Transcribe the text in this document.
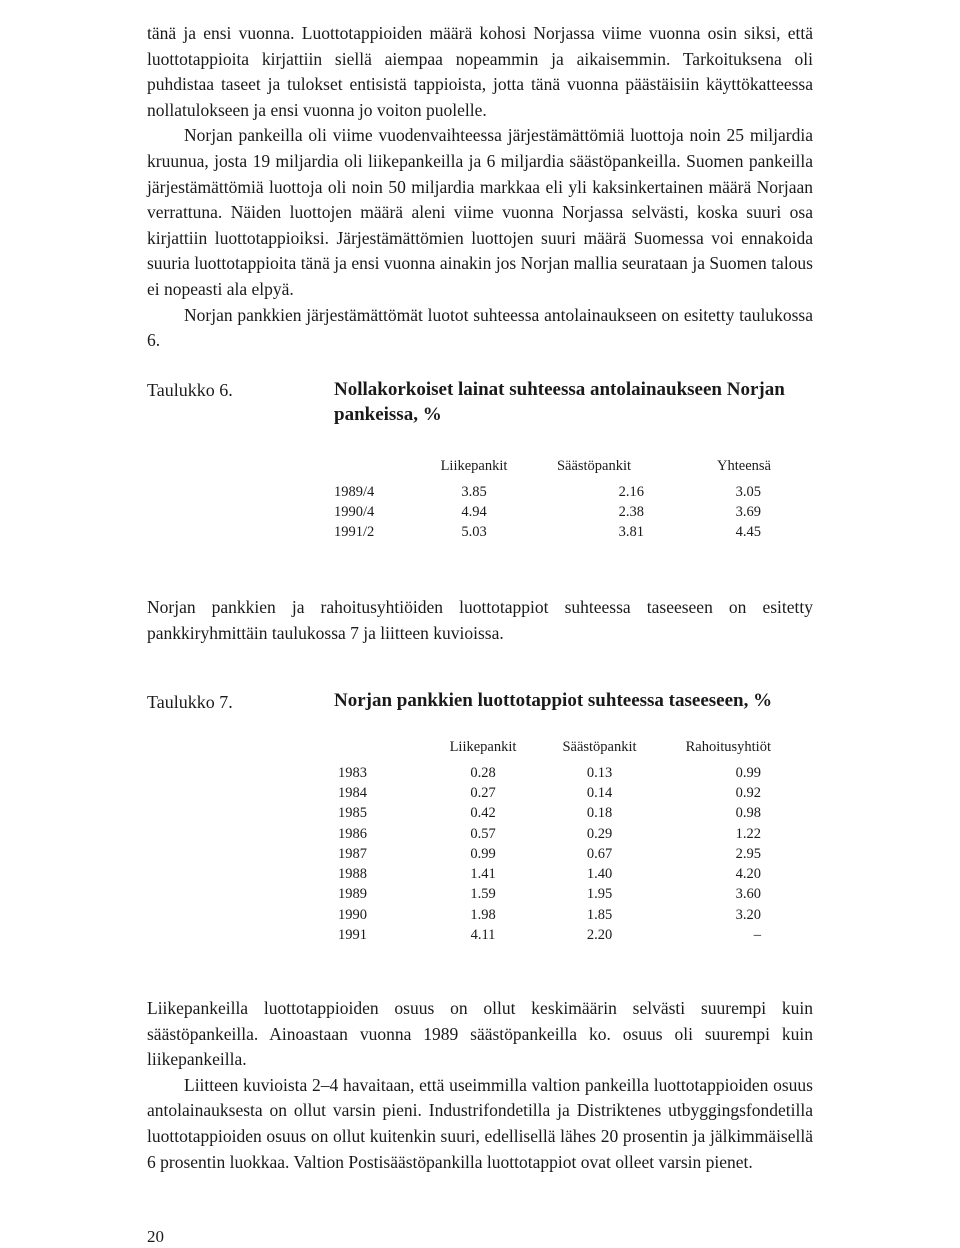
tänä ja ensi vuonna. Luottotappioiden määrä kohosi Norjassa viime vuonna osin siksi, että luottotappioita kirjattiin siellä aiempaa nopeammin ja aikaisemmin. Tarkoituksena oli puhdistaa taseet ja tulokset entisistä tappioista, jotta tänä vuonna päästäisiin käyttökatteessa nollatulokseen ja ensi vuonna jo voiton puolelle.

Norjan pankeilla oli viime vuodenvaihteessa järjestämättömiä luottoja noin 25 miljardia kruunua, josta 19 miljardia oli liikepankeilla ja 6 miljardia säästöpankeilla. Suomen pankeilla järjestämättömiä luottoja oli noin 50 miljardia markkaa eli yli kaksinkertainen määrä Norjaan verrattuna. Näiden luottojen määrä aleni viime vuonna Norjassa selvästi, koska suuri osa kirjattiin luottotappioiksi. Järjestämättömien luottojen suuri määrä Suomessa voi ennakoida suuria luottotappioita tänä ja ensi vuonna ainakin jos Norjan mallia seurataan ja Suomen talous ei nopeasti ala elpyä.

Norjan pankkien järjestämättömät luotot suhteessa antolainaukseen on esitetty taulukossa 6.

Taulukko 6.	Nollakorkoiset lainat suhteessa antolainaukseen Norjan pankeissa, %
	Liikepankit	Säästöpankit	Yhteensä
1989/4	3.85	2.16	3.05
1990/4	4.94	2.38	3.69
1991/2	5.03	3.81	4.45

Norjan pankkien ja rahoitusyhtiöiden luottotappiot suhteessa taseeseen on esitetty pankkiryhmittäin taulukossa 7 ja liitteen kuvioissa.

Taulukko 7.	Norjan pankkien luottotappiot suhteessa taseeseen, %
	Liikepankit	Säästöpankit	Rahoitusyhtiöt
1983	0.28	0.13	0.99
1984	0.27	0.14	0.92
1985	0.42	0.18	0.98
1986	0.57	0.29	1.22
1987	0.99	0.67	2.95
1988	1.41	1.40	4.20
1989	1.59	1.95	3.60
1990	1.98	1.85	3.20
1991	4.11	2.20	–

Liikepankeilla luottotappioiden osuus on ollut keskimäärin selvästi suurempi kuin säästöpankeilla. Ainoastaan vuonna 1989 säästöpankeilla ko. osuus oli suurempi kuin liikepankeilla.

Liitteen kuvioista 2–4 havaitaan, että useimmilla valtion pankeilla luottotappioiden osuus antolainauksesta on ollut varsin pieni. Industrifondetilla ja Distriktenes utbyggingsfondetilla luottotappioiden osuus on ollut kuitenkin suuri, edellisellä lähes 20 prosentin ja jälkimmäisellä 6 prosentin luokkaa. Valtion Postisäästöpankilla luottotappiot ovat olleet varsin pienet.

20
